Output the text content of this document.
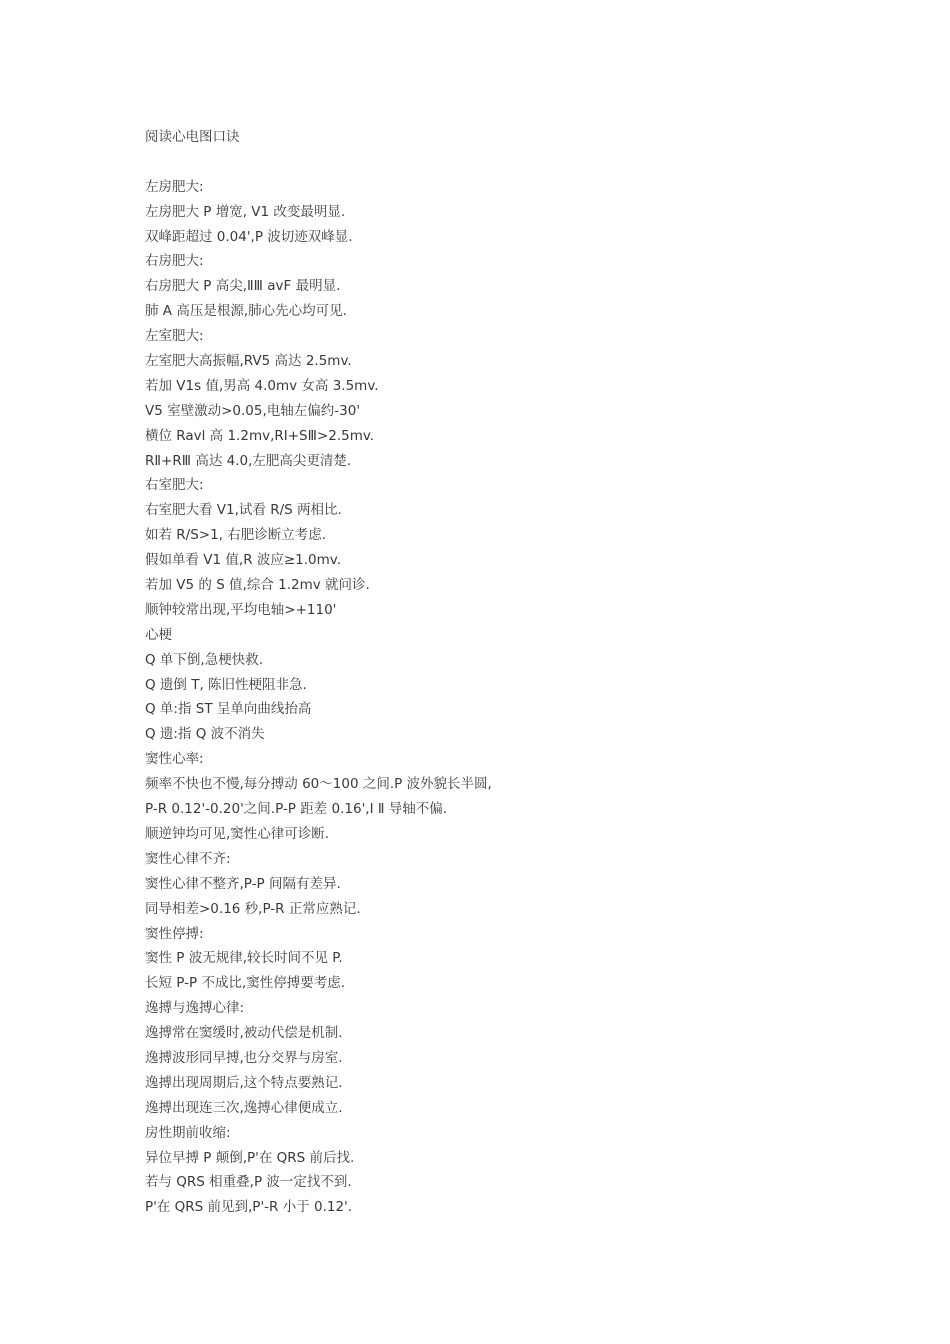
阅读心电图口诀
左房肥大:
左房肥大 P 增宽, V1 改变最明显.
双峰距超过 0.04',P 波切迹双峰显.
右房肥大:
右房肥大 P 高尖,ⅡⅢ avF 最明显.
肺 A 高压是根源,肺心先心均可见.
左室肥大:
左室肥大高振幅,RV5 高达 2.5mv.
若加 V1s 值,男高 4.0mv 女高 3.5mv.
V5 室壁激动>0.05,电轴左偏约-30'
横位 Ravl 高 1.2mv,RⅠ+SⅢ>2.5mv.
RⅡ+RⅢ 高达 4.0,左肥高尖更清楚.
右室肥大:
右室肥大看 V1,试看 R/S 两相比.
如若 R/S>1, 右肥诊断立考虑.
假如单看 V1 值,R 波应≥1.0mv.
若加 V5 的 S 值,综合 1.2mv 就问诊.
顺钟较常出现,平均电轴>+110'
心梗
Q 单下倒,急梗快救.
Q 遗倒 T, 陈旧性梗阻非急.
Q 单:指 ST 呈单向曲线抬高
Q 遗:指 Q 波不消失
窦性心率:
频率不快也不慢,每分搏动 60～100 之间.P 波外貌长半圆,
P-R 0.12'-0.20'之间.P-P 距差 0.16',Ⅰ Ⅱ 导轴不偏.
顺逆钟均可见,窦性心律可诊断.
窦性心律不齐:
窦性心律不整齐,P-P 间隔有差异.
同导相差>0.16 秒,P-R 正常应熟记.
窦性停搏:
窦性 P 波无规律,较长时间不见 P.
长短 P-P 不成比,窦性停搏要考虑.
逸搏与逸搏心律:
逸搏常在窦缓时,被动代偿是机制.
逸搏波形同早搏,也分交界与房室.
逸搏出现周期后,这个特点要熟记.
逸搏出现连三次,逸搏心律便成立.
房性期前收缩:
异位早搏 P 颠倒,P'在 QRS 前后找.
若与 QRS 相重叠,P 波一定找不到.
P'在 QRS 前见到,P'-R 小于 0.12'.
